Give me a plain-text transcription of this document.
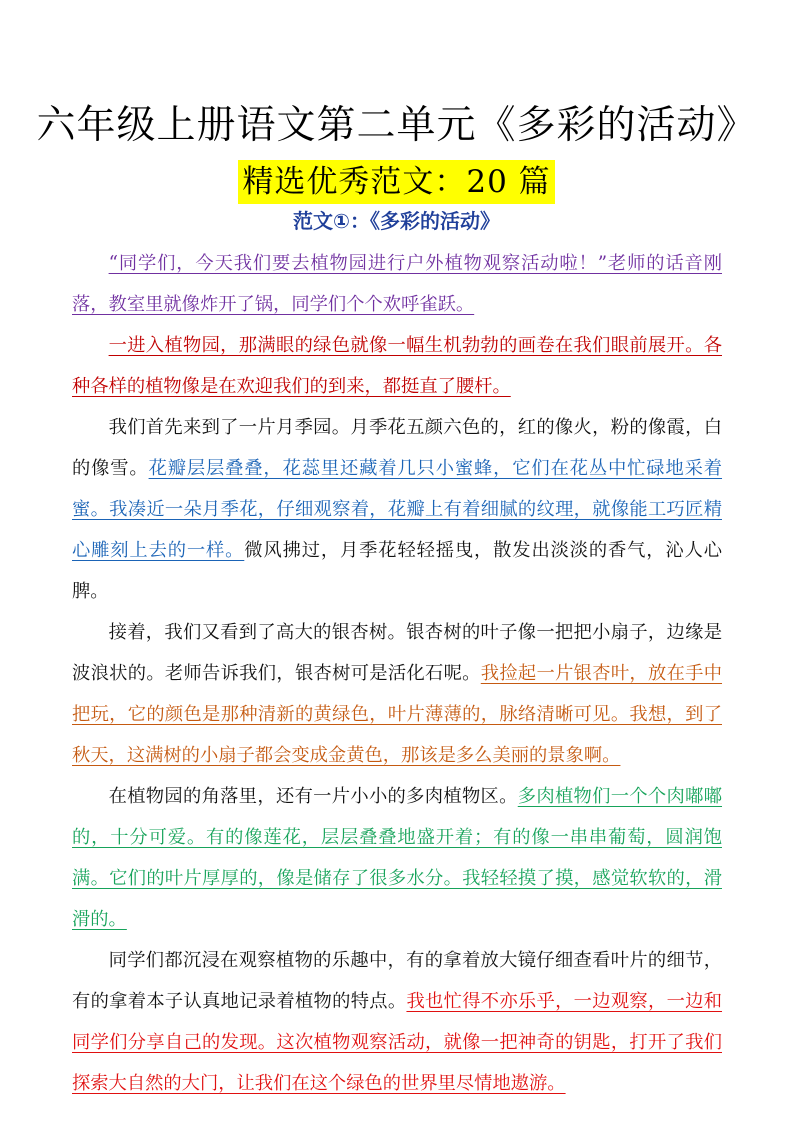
六年级上册语文第二单元《多彩的活动》
精选优秀范文：20 篇
范文①：《多彩的活动》

“同学们，今天我们要去植物园进行户外植物观察活动啦！”老师的话音刚落，教室里就像炸开了锅，同学们个个欢呼雀跃。

一进入植物园，那满眼的绿色就像一幅生机勃勃的画卷在我们眼前展开。各种各样的植物像是在欢迎我们的到来，都挺直了腰杆。

我们首先来到了一片月季园。月季花五颜六色的，红的像火，粉的像霞，白的像雪。花瓣层层叠叠，花蕊里还藏着几只小蜜蜂，它们在花丛中忙碌地采着蜜。我凑近一朵月季花，仔细观察着，花瓣上有着细腻的纹理，就像能工巧匠精心雕刻上去的一样。微风拂过，月季花轻轻摇曳，散发出淡淡的香气，沁人心脾。

接着，我们又看到了高大的银杏树。银杏树的叶子像一把把小扇子，边缘是波浪状的。老师告诉我们，银杏树可是活化石呢。我捡起一片银杏叶，放在手中把玩，它的颜色是那种清新的黄绿色，叶片薄薄的，脉络清晰可见。我想，到了秋天，这满树的小扇子都会变成金黄色，那该是多么美丽的景象啊。

在植物园的角落里，还有一片小小的多肉植物区。多肉植物们一个个肉嘟嘟的，十分可爱。有的像莲花，层层叠叠地盛开着；有的像一串串葡萄，圆润饱满。它们的叶片厚厚的，像是储存了很多水分。我轻轻摸了摸，感觉软软的，滑滑的。

同学们都沉浸在观察植物的乐趣中，有的拿着放大镜仔细查看叶片的细节，有的拿着本子认真地记录着植物的特点。我也忙得不亦乐乎，一边观察，一边和同学们分享自己的发现。这次植物观察活动，就像一把神奇的钥匙，打开了我们探索大自然的大门，让我们在这个绿色的世界里尽情地遨游。
